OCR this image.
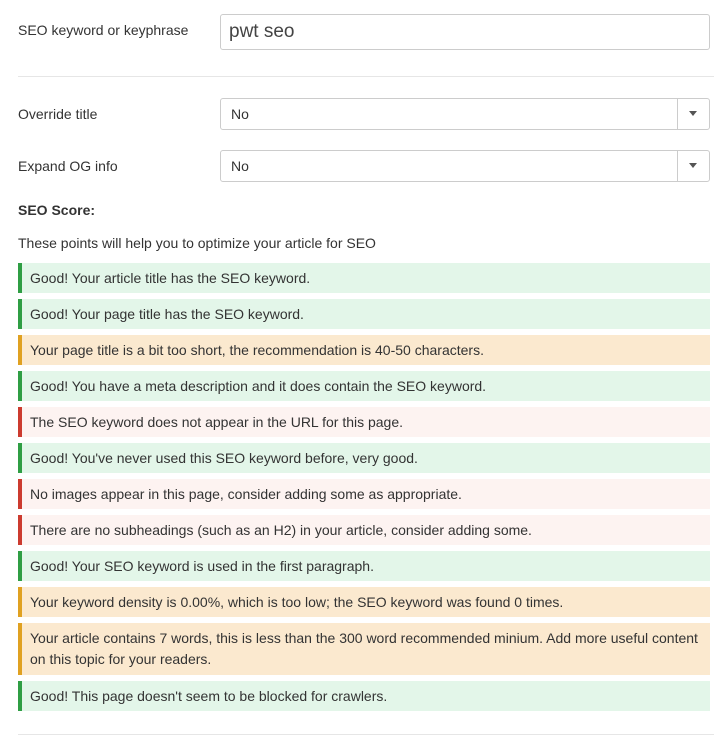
SEO keyword or keyphrase
pwt seo
Override title	No
Expand OG info	No
SEO Score:
These points will help you to optimize your article for SEO
Good! Your article title has the SEO keyword.
Good! Your page title has the SEO keyword.
Your page title is a bit too short, the recommendation is 40-50 characters.
Good! You have a meta description and it does contain the SEO keyword.
The SEO keyword does not appear in the URL for this page.
Good! You've never used this SEO keyword before, very good.
No images appear in this page, consider adding some as appropriate.
There are no subheadings (such as an H2) in your article, consider adding some.
Good! Your SEO keyword is used in the first paragraph.
Your keyword density is 0.00%, which is too low; the SEO keyword was found 0 times.
Your article contains 7 words, this is less than the 300 word recommended minium. Add more useful content on this topic for your readers.
Good! This page doesn't seem to be blocked for crawlers.
